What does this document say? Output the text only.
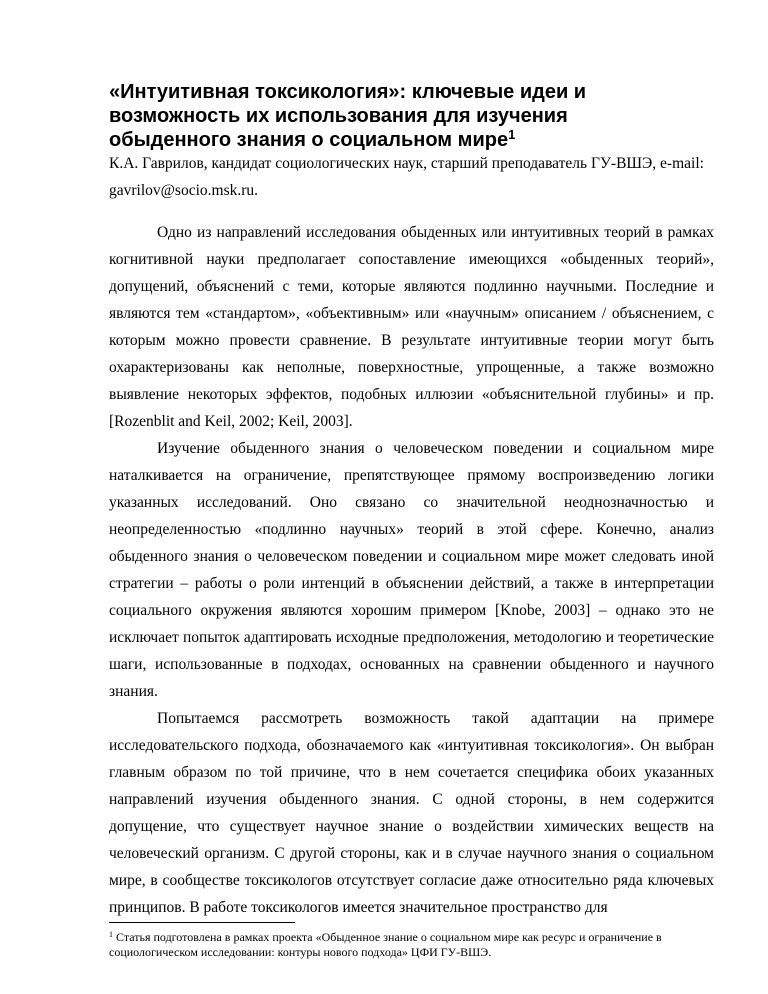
«Интуитивная токсикология»: ключевые идеи и возможность их использования для изучения обыденного знания о социальном мире$^1$

К.А. Гаврилов, кандидат социологических наук, старший преподаватель ГУ-ВШЭ, e-mail: gavrilov@socio.msk.ru.

Одно из направлений исследования обыденных или интуитивных теорий в рамках когнитивной науки предполагает сопоставление имеющихся «обыденных теорий», допущений, объяснений с теми, которые являются подлинно научными. Последние и являются тем «стандартом», «объективным» или «научным» описанием / объяснением, с которым можно провести сравнение. В результате интуитивные теории могут быть охарактеризованы как неполные, поверхностные, упрощенные, а также возможно выявление некоторых эффектов, подобных иллюзии «объяснительной глубины» и пр. [Rozenblit and Keil, 2002; Keil, 2003].

Изучение обыденного знания о человеческом поведении и социальном мире наталкивается на ограничение, препятствующее прямому воспроизведению логики указанных исследований. Оно связано со значительной неоднозначностью и неопределенностью «подлинно научных» теорий в этой сфере. Конечно, анализ обыденного знания о человеческом поведении и социальном мире может следовать иной стратегии – работы о роли интенций в объяснении действий, а также в интерпретации социального окружения являются хорошим примером [Knobe, 2003] – однако это не исключает попыток адаптировать исходные предположения, методологию и теоретические шаги, использованные в подходах, основанных на сравнении обыденного и научного знания.

Попытаемся рассмотреть возможность такой адаптации на примере исследовательского подхода, обозначаемого как «интуитивная токсикология». Он выбран главным образом по той причине, что в нем сочетается специфика обоих указанных направлений изучения обыденного знания. С одной стороны, в нем содержится допущение, что существует научное знание о воздействии химических веществ на человеческий организм. С другой стороны, как и в случае научного знания о социальном мире, в сообществе токсикологов отсутствует согласие даже относительно ряда ключевых принципов. В работе токсикологов имеется значительное пространство для

$^1$ Статья подготовлена в рамках проекта «Обыденное знание о социальном мире как ресурс и ограничение в социологическом исследовании: контуры нового подхода» ЦФИ ГУ-ВШЭ.
